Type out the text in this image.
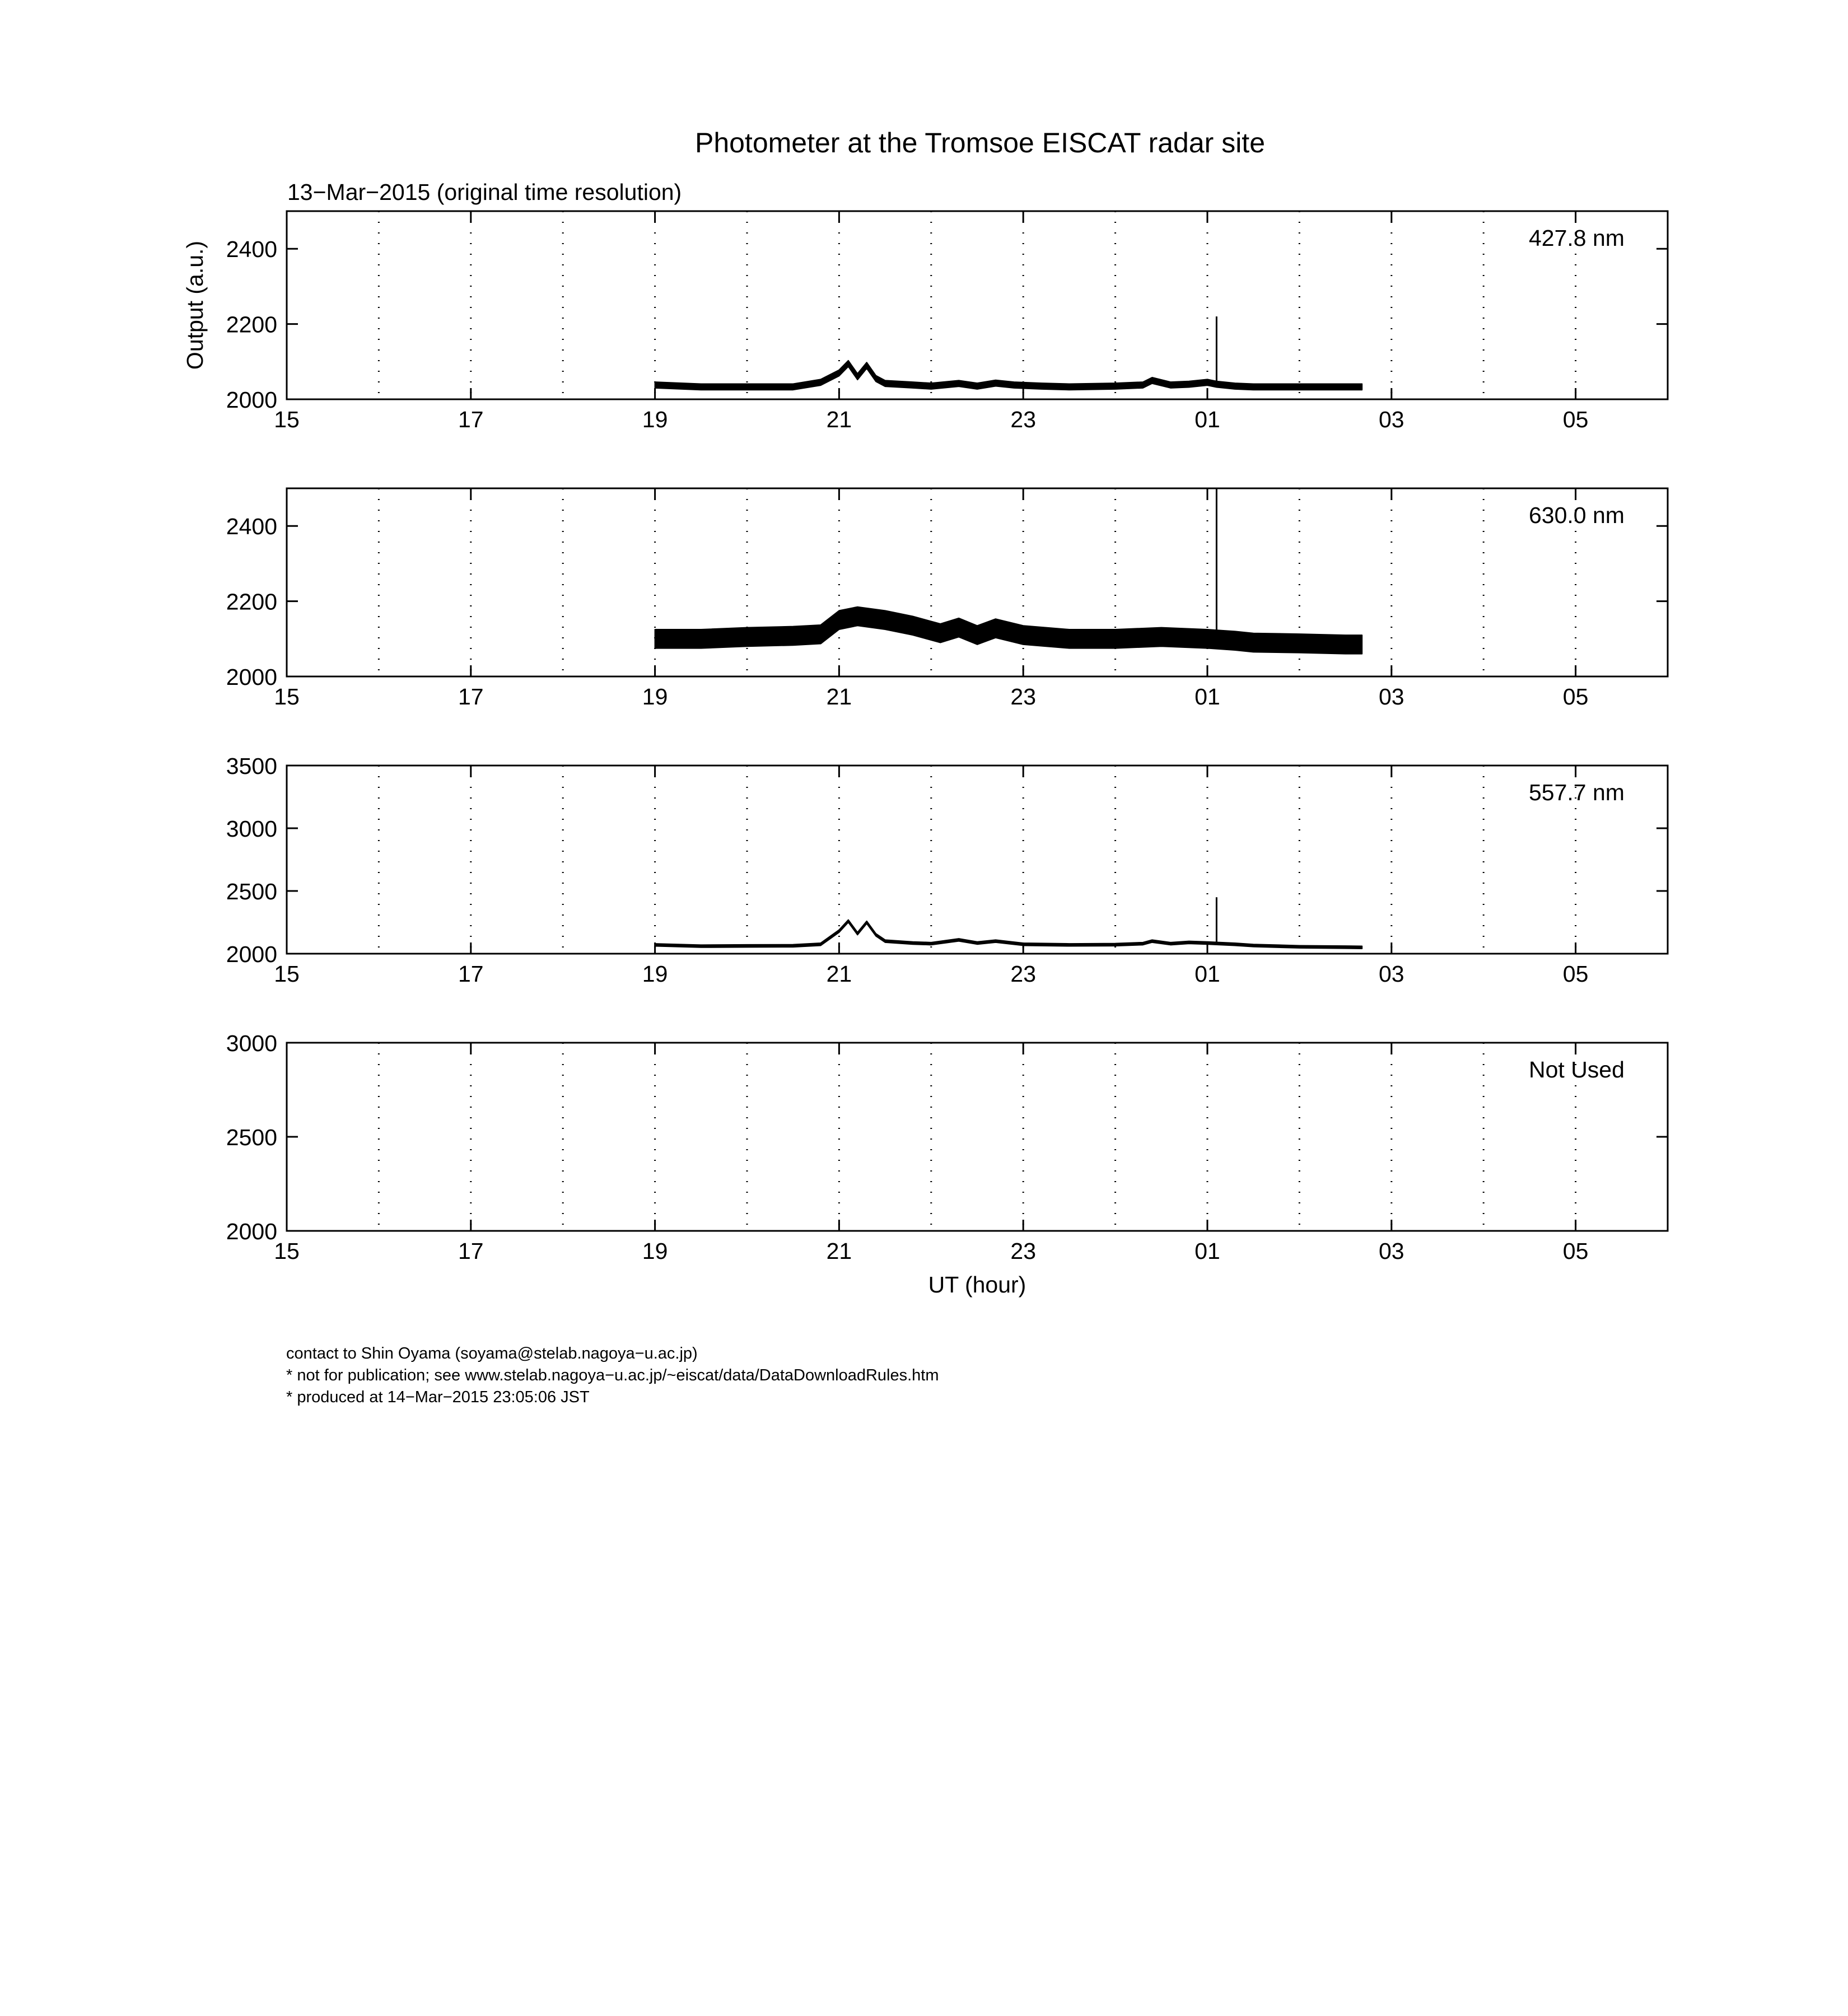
Photometer at the Tromsoe EISCAT radar site
13−Mar−2015 (original time resolution)
Output (a.u.)
UT (hour)
15	17	19	21	23	01	03	05
2000
2200
2400	427.8 nm
15	17	19	21	23	01	03	05
2000
2200
2400	630.0 nm
15	17	19	21	23	01	03	05
2000
2500
3000
3500
557.7 nm
15	17	19	21	23	01	03	05
2000
2500
3000
Not Used
contact to Shin Oyama (soyama@stelab.nagoya−u.ac.jp)
* not for publication; see www.stelab.nagoya−u.ac.jp/~eiscat/data/DataDownloadRules.htm
* produced at 14−Mar−2015 23:05:06 JST
